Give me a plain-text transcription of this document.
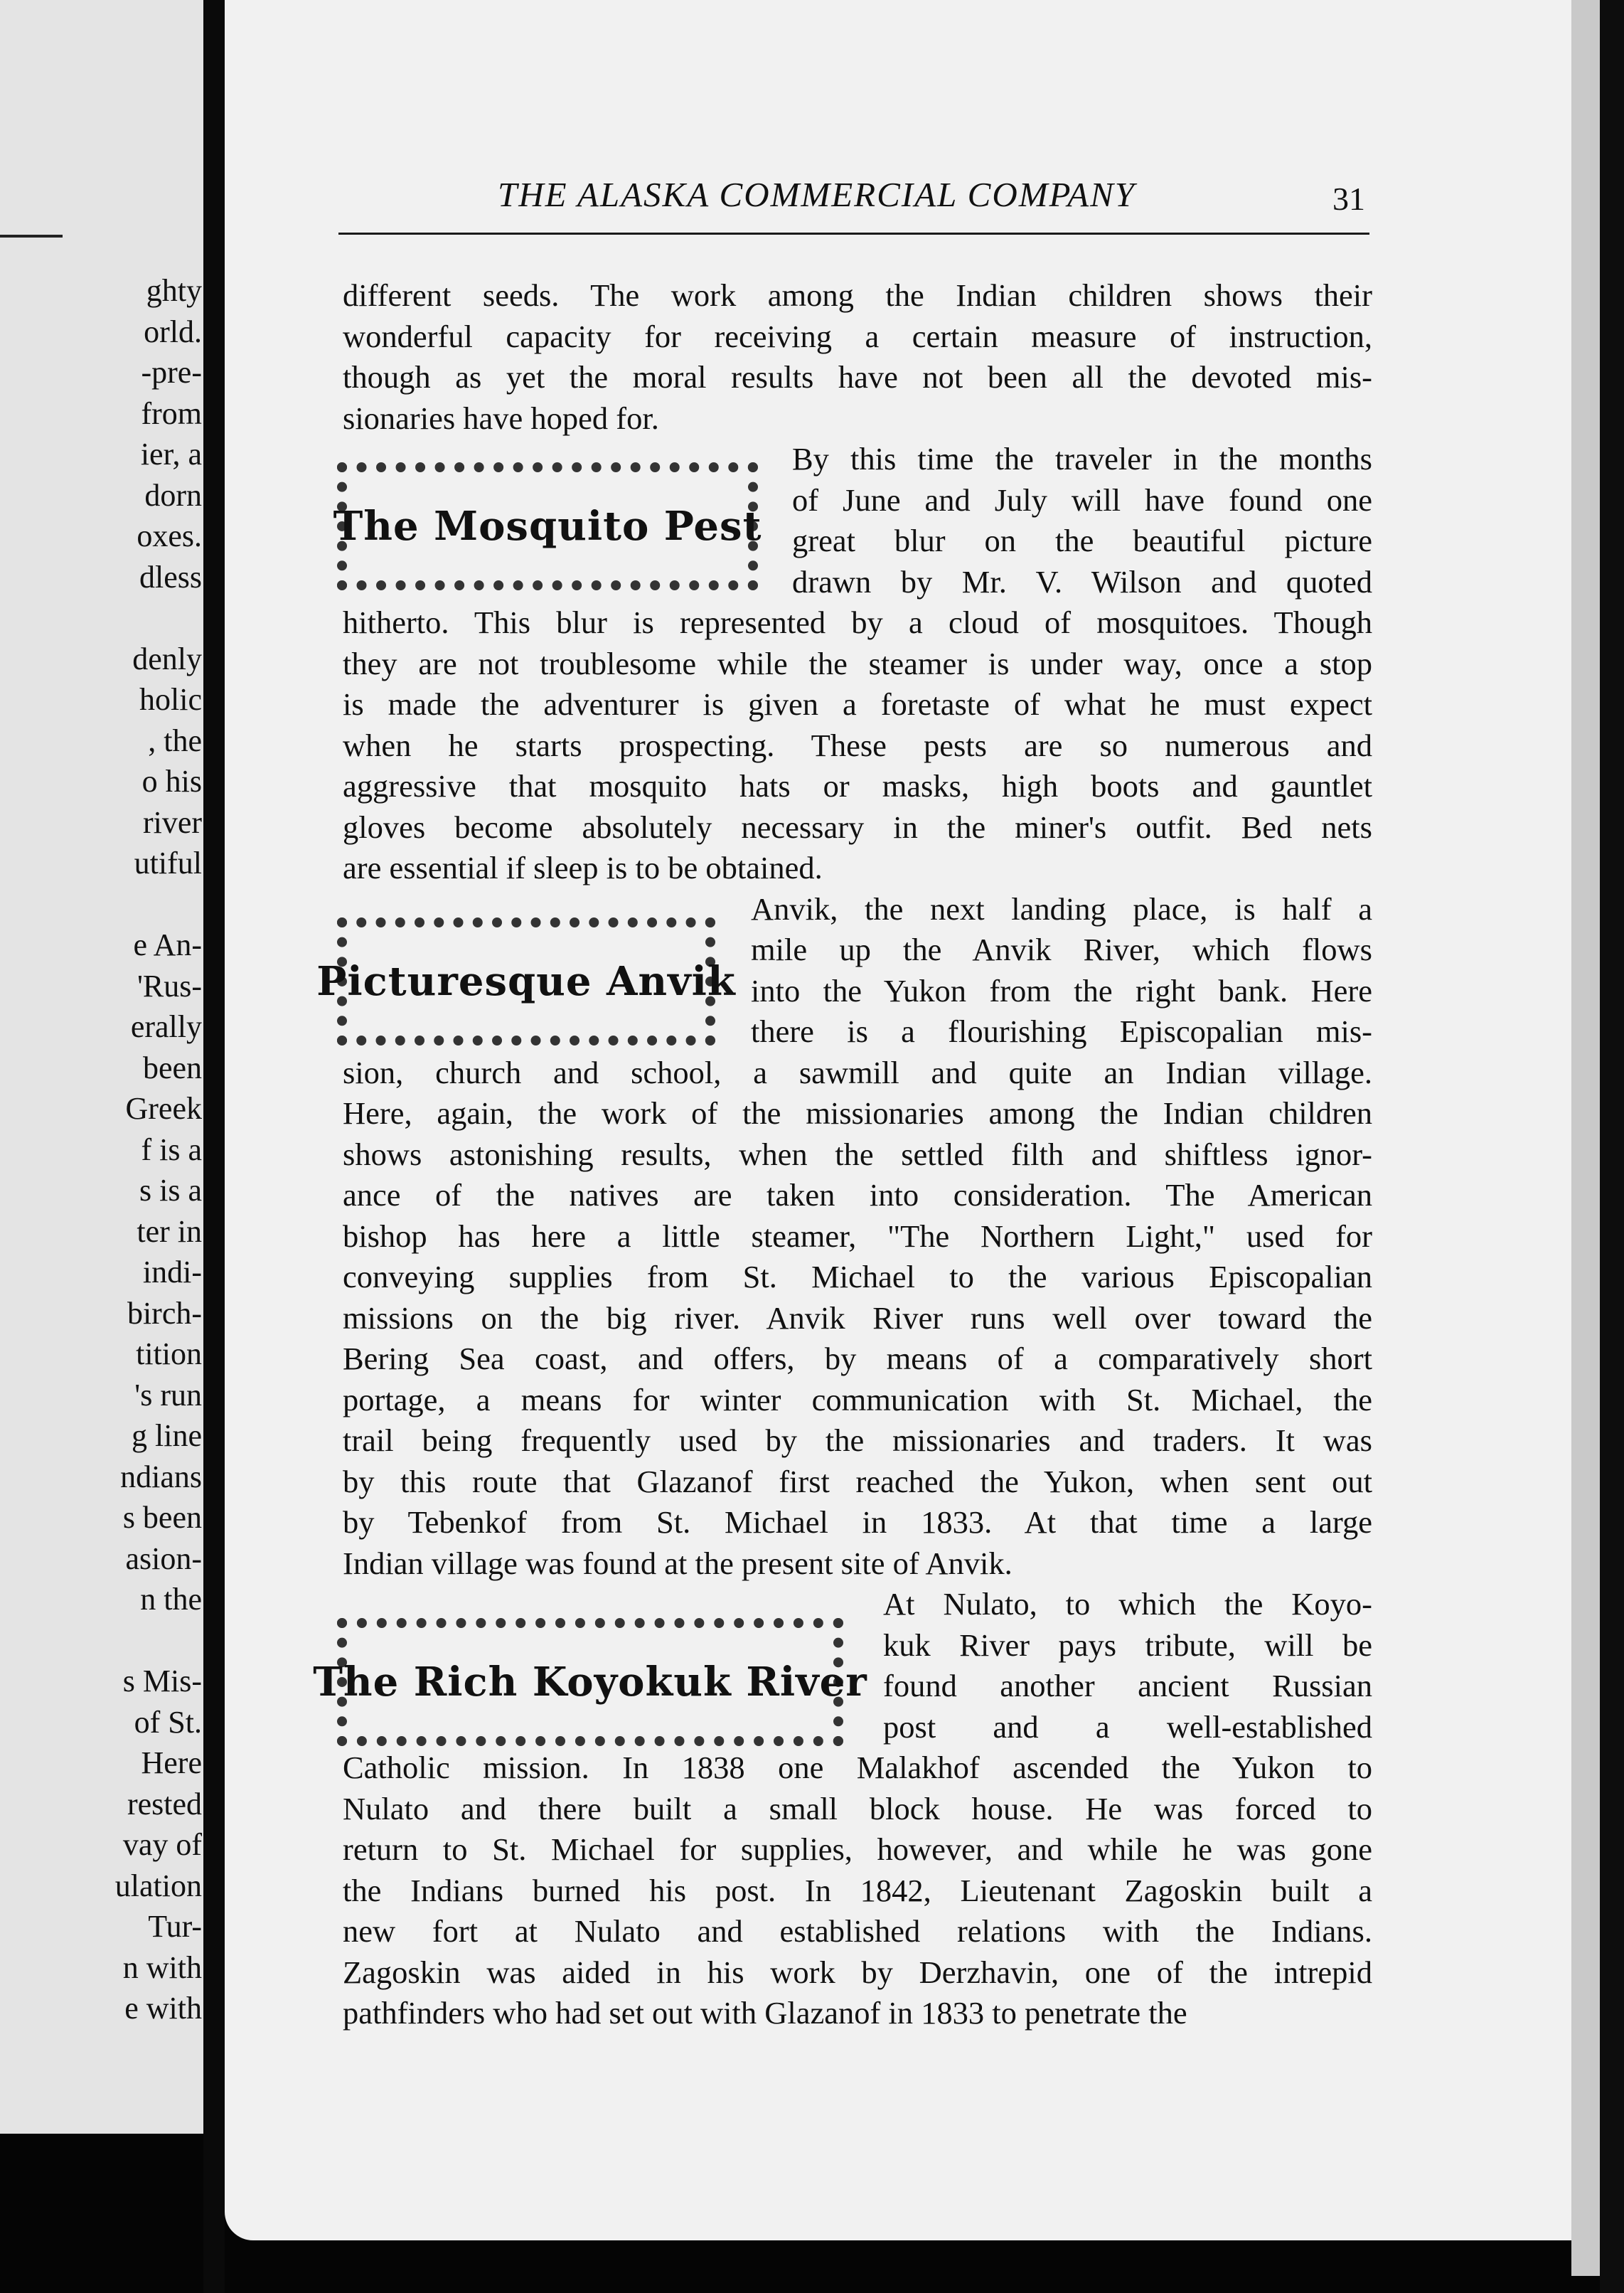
ghty
orld.
-pre-
from
ier, a
dorn
oxes.
dless
denly
holic
, the
o his
river
utiful
e An-
'Rus-
erally
been
Greek
f is a
s is a
ter in
indi-
birch-
tition
's run
g line
ndians
s been
asion-
n the
s Mis-
of St.
Here
rested
vay of
ulation
Tur-
n with
e with
THE ALASKA COMMERCIAL COMPANY	31
different seeds. The work among the Indian children shows their
wonderful capacity for receiving a certain measure of instruction,
though as yet the moral results have not been all the devoted mis-
sionaries have hoped for.
By this time the traveler in the months
of June and July will have found one
great blur on the beautiful picture
drawn by Mr. V. Wilson and quoted
hitherto. This blur is represented by a cloud of mosquitoes. Though
they are not troublesome while the steamer is under way, once a stop
is made the adventurer is given a foretaste of what he must expect
when he starts prospecting. These pests are so numerous and
aggressive that mosquito hats or masks, high boots and gauntlet
gloves become absolutely necessary in the miner's outfit. Bed nets
are essential if sleep is to be obtained.
Anvik, the next landing place, is half a
mile up the Anvik River, which flows
into the Yukon from the right bank. Here
there is a flourishing Episcopalian mis-
sion, church and school, a sawmill and quite an Indian village.
Here, again, the work of the missionaries among the Indian children
shows astonishing results, when the settled filth and shiftless ignor-
ance of the natives are taken into consideration. The American
bishop has here a little steamer, "The Northern Light," used for
conveying supplies from St. Michael to the various Episcopalian
missions on the big river. Anvik River runs well over toward the
Bering Sea coast, and offers, by means of a comparatively short
portage, a means for winter communication with St. Michael, the
trail being frequently used by the missionaries and traders. It was
by this route that Glazanof first reached the Yukon, when sent out
by Tebenkof from St. Michael in 1833. At that time a large
Indian village was found at the present site of Anvik.
At Nulato, to which the Koyo-
kuk River pays tribute, will be
found another ancient Russian
post and a well-established
Catholic mission. In 1838 one Malakhof ascended the Yukon to
Nulato and there built a small block house. He was forced to
return to St. Michael for supplies, however, and while he was gone
the Indians burned his post. In 1842, Lieutenant Zagoskin built a
new fort at Nulato and established relations with the Indians.
Zagoskin was aided in his work by Derzhavin, one of the intrepid
pathfinders who had set out with Glazanof in 1833 to penetrate the
The Mosquito Pest
Picturesque Anvik
The Rich Koyokuk River
